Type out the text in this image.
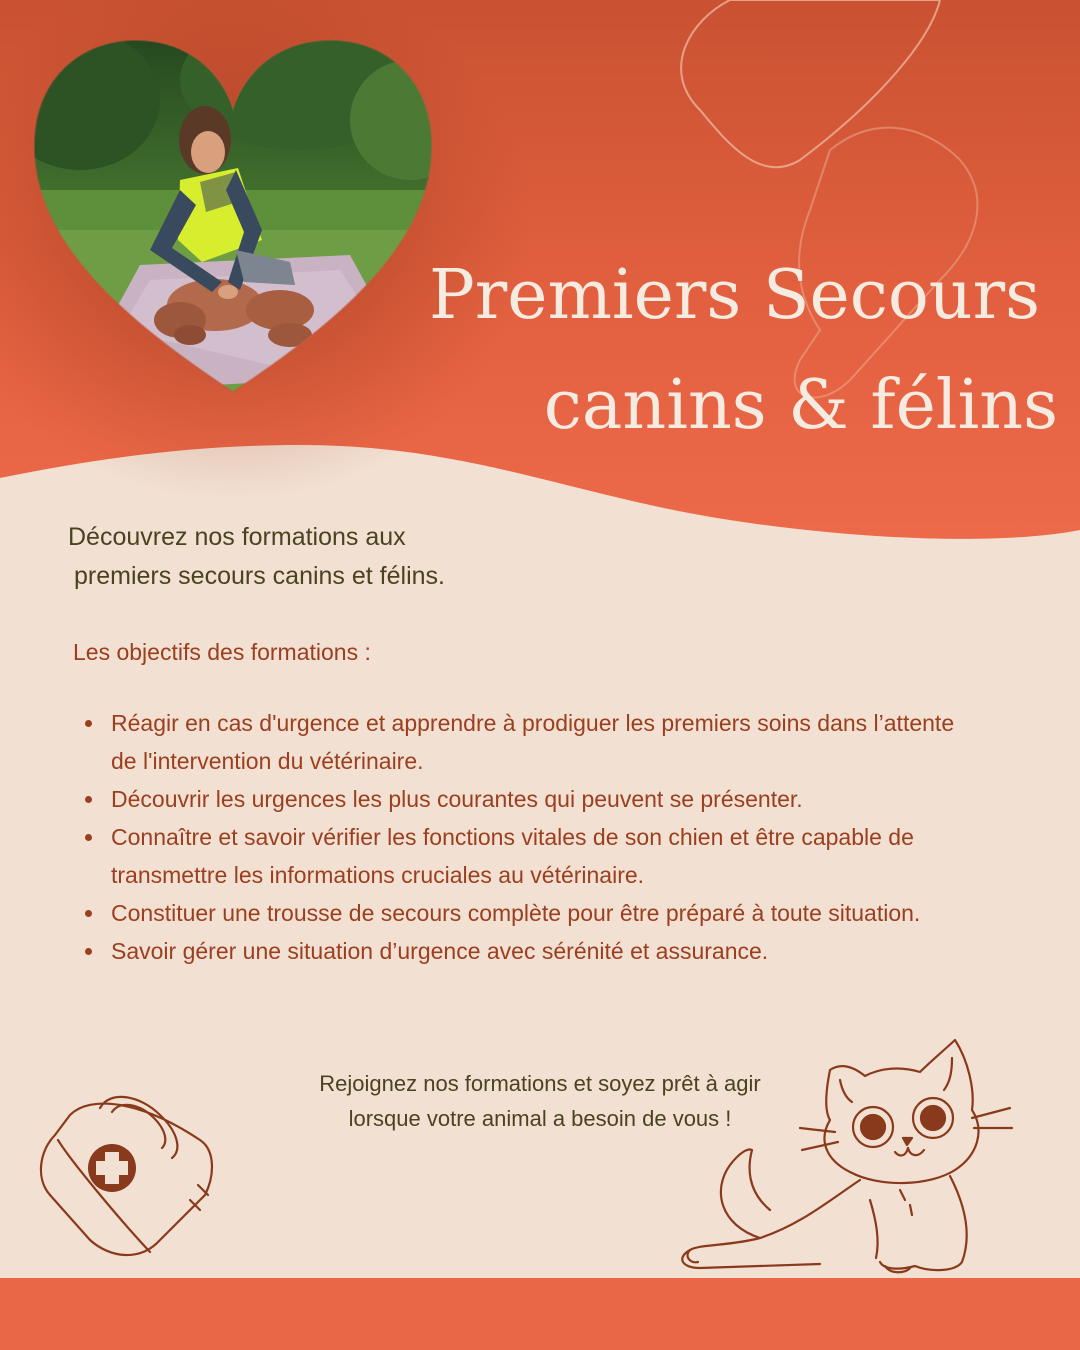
Premiers Secours
canins & félins
Découvrez nos formations aux
premiers secours canins et félins.
Les objectifs des formations :
Réagir en cas d'urgence et apprendre à prodiguer les premiers soins dans l’attente de l'intervention du vétérinaire.
Découvrir les urgences les plus courantes qui peuvent se présenter.
Connaître et savoir vérifier les fonctions vitales de son chien et être capable de transmettre les informations cruciales au vétérinaire.
Constituer une trousse de secours complète pour être préparé à toute situation.
Savoir gérer une situation d’urgence avec sérénité et assurance.
Rejoignez nos formations et soyez prêt à agir
lorsque votre animal a besoin de vous !
